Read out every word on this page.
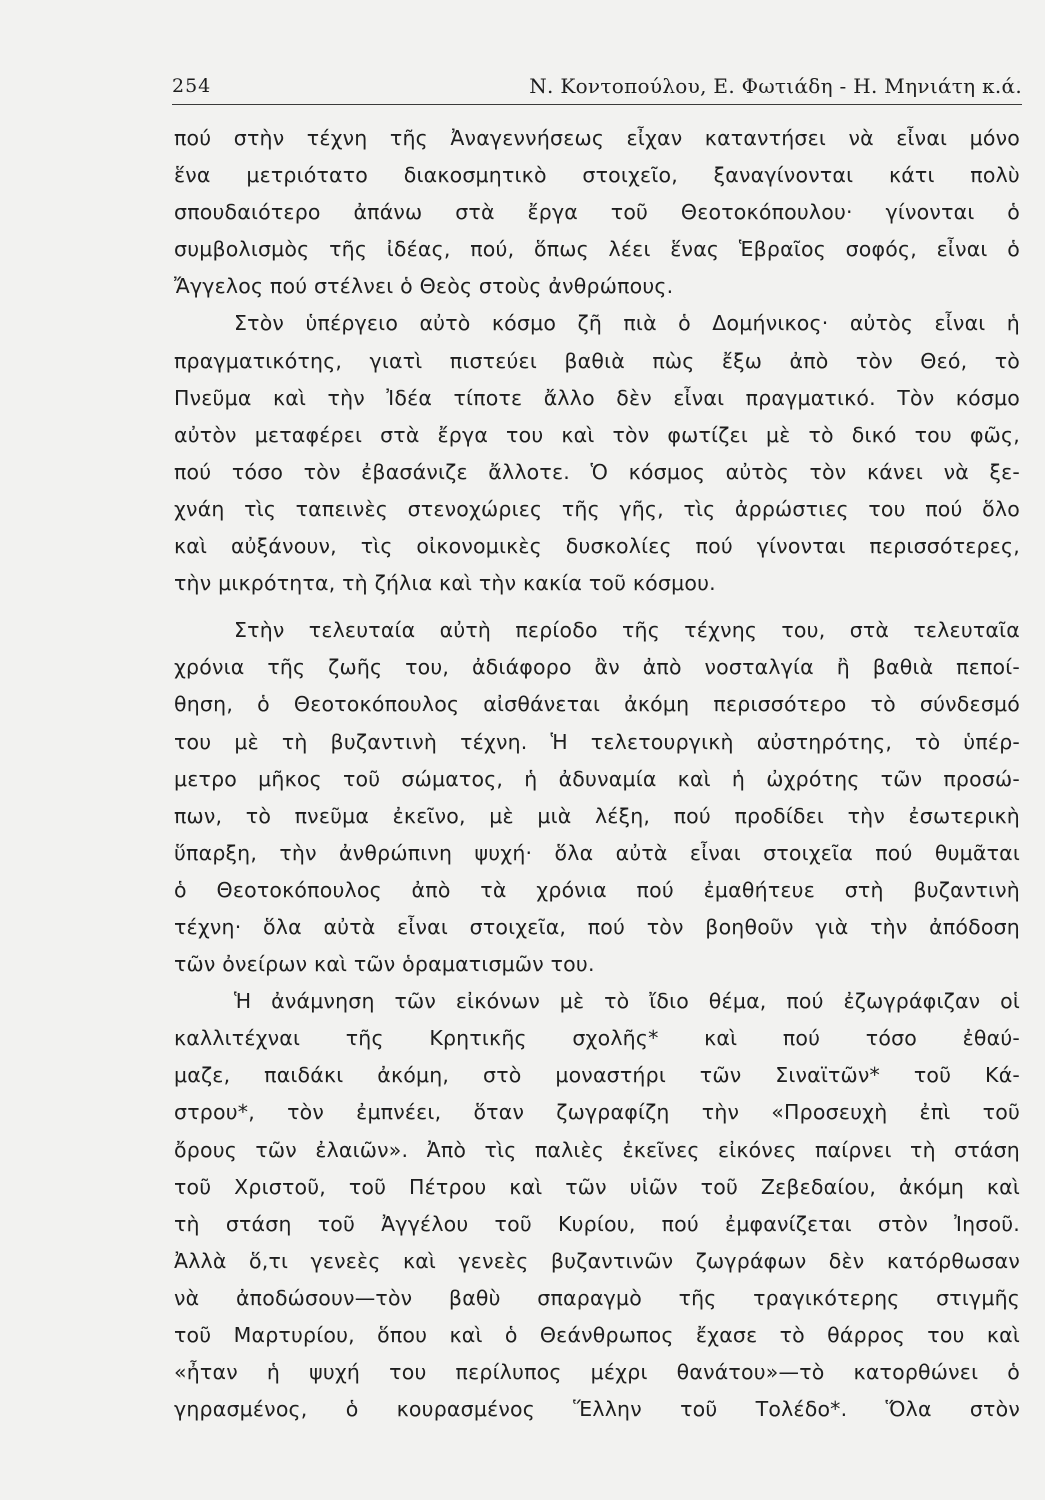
254	Ν. Κοντοπούλου, Ε. Φωτιάδη - Η. Μηνιάτη κ.ά.
πού στὴν τέχνη τῆς Ἀναγεννήσεως εἶχαν καταντήσει νὰ εἶναι μόνο
ἕνα μετριότατο διακοσμητικὸ στοιχεῖο, ξαναγίνονται κάτι πολὺ
σπουδαιότερο ἀπάνω στὰ ἔργα τοῦ Θεοτοκόπουλου· γίνονται ὁ
συμβολισμὸς τῆς ἰδέας, πού, ὅπως λέει ἕνας Ἑβραῖος σοφός, εἶναι ὁ
Ἄγγελος πού στέλνει ὁ Θεὸς στοὺς ἀνθρώπους.
Στὸν ὑπέργειο αὐτὸ κόσμο ζῆ πιὰ ὁ Δομήνικος· αὐτὸς εἶναι ἡ
πραγματικότης, γιατὶ πιστεύει βαθιὰ πὼς ἔξω ἀπὸ τὸν Θεό, τὸ
Πνεῦμα καὶ τὴν Ἰδέα τίποτε ἄλλο δὲν εἶναι πραγματικό. Τὸν κόσμο
αὐτὸν μεταφέρει στὰ ἔργα του καὶ τὸν φωτίζει μὲ τὸ δικό του φῶς,
πού τόσο τὸν ἐβασάνιζε ἄλλοτε. Ὁ κόσμος αὐτὸς τὸν κάνει νὰ ξε-
χνάη τὶς ταπεινὲς στενοχώριες τῆς γῆς, τὶς ἀρρώστιες του πού ὅλο
καὶ αὐξάνουν, τὶς οἰκονομικὲς δυσκολίες πού γίνονται περισσότερες,
τὴν μικρότητα, τὴ ζήλια καὶ τὴν κακία τοῦ κόσμου.
Στὴν τελευταία αὐτὴ περίοδο τῆς τέχνης του, στὰ τελευταῖα
χρόνια τῆς ζωῆς του, ἀδιάφορο ἂν ἀπὸ νοσταλγία ἢ βαθιὰ πεποί-
θηση, ὁ Θεοτοκόπουλος αἰσθάνεται ἀκόμη περισσότερο τὸ σύνδεσμό
του μὲ τὴ βυζαντινὴ τέχνη. Ἡ τελετουργικὴ αὐστηρότης, τὸ ὑπέρ-
μετρο μῆκος τοῦ σώματος, ἡ ἀδυναμία καὶ ἡ ὠχρότης τῶν προσώ-
πων, τὸ πνεῦμα ἐκεῖνο, μὲ μιὰ λέξη, πού προδίδει τὴν ἐσωτερικὴ
ὕπαρξη, τὴν ἀνθρώπινη ψυχή· ὅλα αὐτὰ εἶναι στοιχεῖα πού θυμᾶται
ὁ Θεοτοκόπουλος ἀπὸ τὰ χρόνια πού ἐμαθήτευε στὴ βυζαντινὴ
τέχνη· ὅλα αὐτὰ εἶναι στοιχεῖα, πού τὸν βοηθοῦν γιὰ τὴν ἀπόδοση
τῶν ὀνείρων καὶ τῶν ὁραματισμῶν του.
Ἡ ἀνάμνηση τῶν εἰκόνων μὲ τὸ ἴδιο θέμα, πού ἐζωγράφιζαν οἱ
καλλιτέχναι τῆς Κρητικῆς σχολῆς* καὶ πού τόσο ἐθαύ-
μαζε, παιδάκι ἀκόμη, στὸ μοναστήρι τῶν Σιναϊτῶν* τοῦ Κά-
στρου*, τὸν ἐμπνέει, ὅταν ζωγραφίζη τὴν «Προσευχὴ ἐπὶ τοῦ
ὄρους τῶν ἐλαιῶν». Ἀπὸ τὶς παλιὲς ἐκεῖνες εἰκόνες παίρνει τὴ στάση
τοῦ Χριστοῦ, τοῦ Πέτρου καὶ τῶν υἱῶν τοῦ Ζεβεδαίου, ἀκόμη καὶ
τὴ στάση τοῦ Ἀγγέλου τοῦ Κυρίου, πού ἐμφανίζεται στὸν Ἰησοῦ.
Ἀλλὰ ὅ,τι γενεὲς καὶ γενεὲς βυζαντινῶν ζωγράφων δὲν κατόρθωσαν
νὰ ἀποδώσουν—τὸν βαθὺ σπαραγμὸ τῆς τραγικότερης στιγμῆς
τοῦ Μαρτυρίου, ὅπου καὶ ὁ Θεάνθρωπος ἔχασε τὸ θάρρος του καὶ
«ἦταν ἡ ψυχή του περίλυπος μέχρι θανάτου»—τὸ κατορθώνει ὁ
γηρασμένος, ὁ κουρασμένος Ἕλλην τοῦ Τολέδο*. Ὅλα στὸν
